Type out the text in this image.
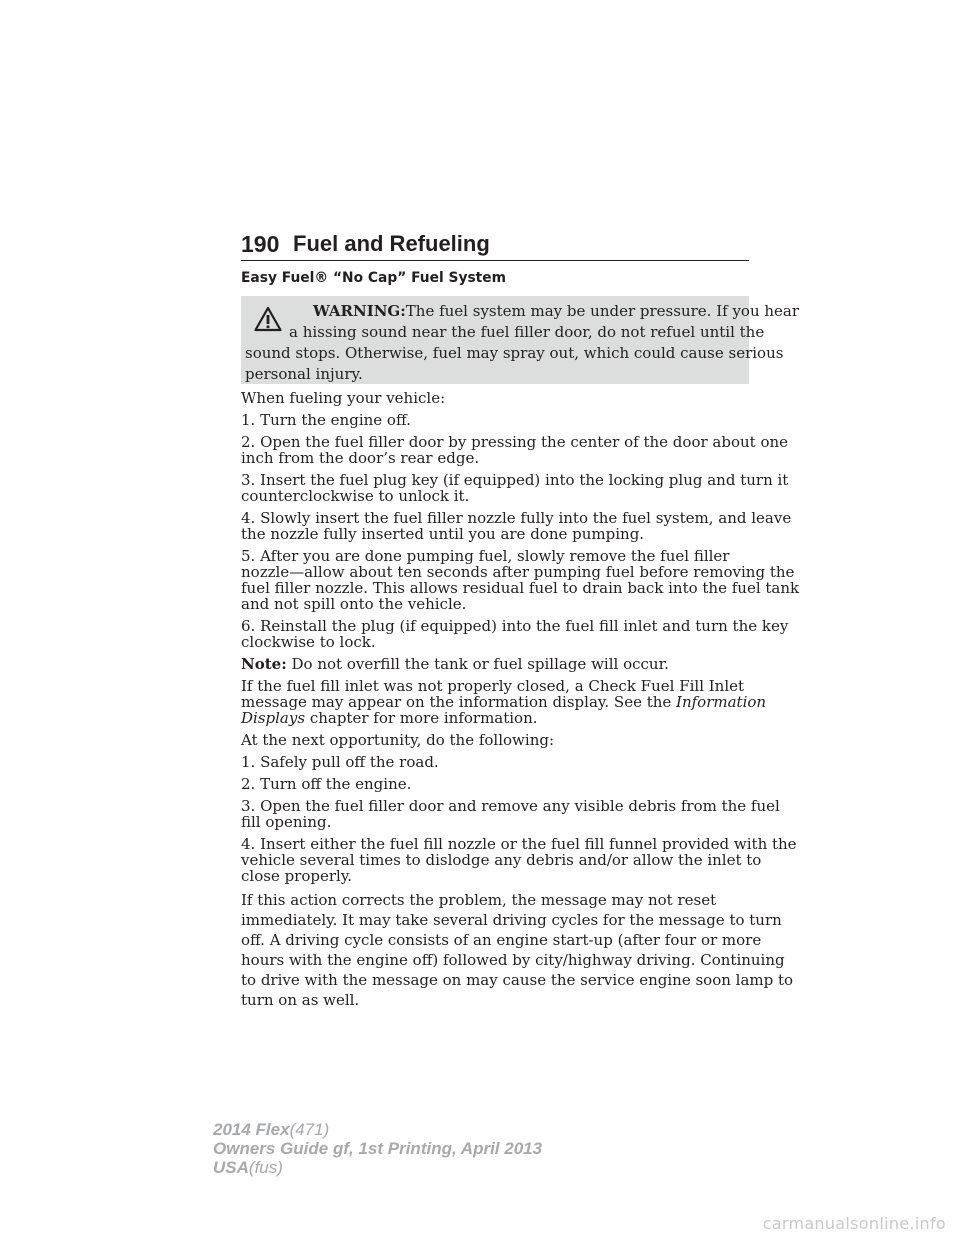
190 Fuel and Refueling
Easy Fuel® “No Cap” Fuel System
WARNING:The fuel system may be under pressure. If you hear
a hissing sound near the fuel filler door, do not refuel until the
sound stops. Otherwise, fuel may spray out, which could cause serious
personal injury.
When fueling your vehicle:
1. Turn the engine off.
2. Open the fuel filler door by pressing the center of the door about one
inch from the door’s rear edge.
3. Insert the fuel plug key (if equipped) into the locking plug and turn it
counterclockwise to unlock it.
4. Slowly insert the fuel filler nozzle fully into the fuel system, and leave
the nozzle fully inserted until you are done pumping.
5. After you are done pumping fuel, slowly remove the fuel filler
nozzle—allow about ten seconds after pumping fuel before removing the
fuel filler nozzle. This allows residual fuel to drain back into the fuel tank
and not spill onto the vehicle.
6. Reinstall the plug (if equipped) into the fuel fill inlet and turn the key
clockwise to lock.
Note: Do not overfill the tank or fuel spillage will occur.
If the fuel fill inlet was not properly closed, a Check Fuel Fill Inlet
message may appear on the information display. See the Information
Displays chapter for more information.
At the next opportunity, do the following:
1. Safely pull off the road.
2. Turn off the engine.
3. Open the fuel filler door and remove any visible debris from the fuel
fill opening.
4. Insert either the fuel fill nozzle or the fuel fill funnel provided with the
vehicle several times to dislodge any debris and/or allow the inlet to
close properly.
If this action corrects the problem, the message may not reset
immediately. It may take several driving cycles for the message to turn
off. A driving cycle consists of an engine start-up (after four or more
hours with the engine off) followed by city/highway driving. Continuing
to drive with the message on may cause the service engine soon lamp to
turn on as well.
2014 Flex(471)
Owners Guide gf, 1st Printing, April 2013
USA(fus)
carmanualsonline.info
